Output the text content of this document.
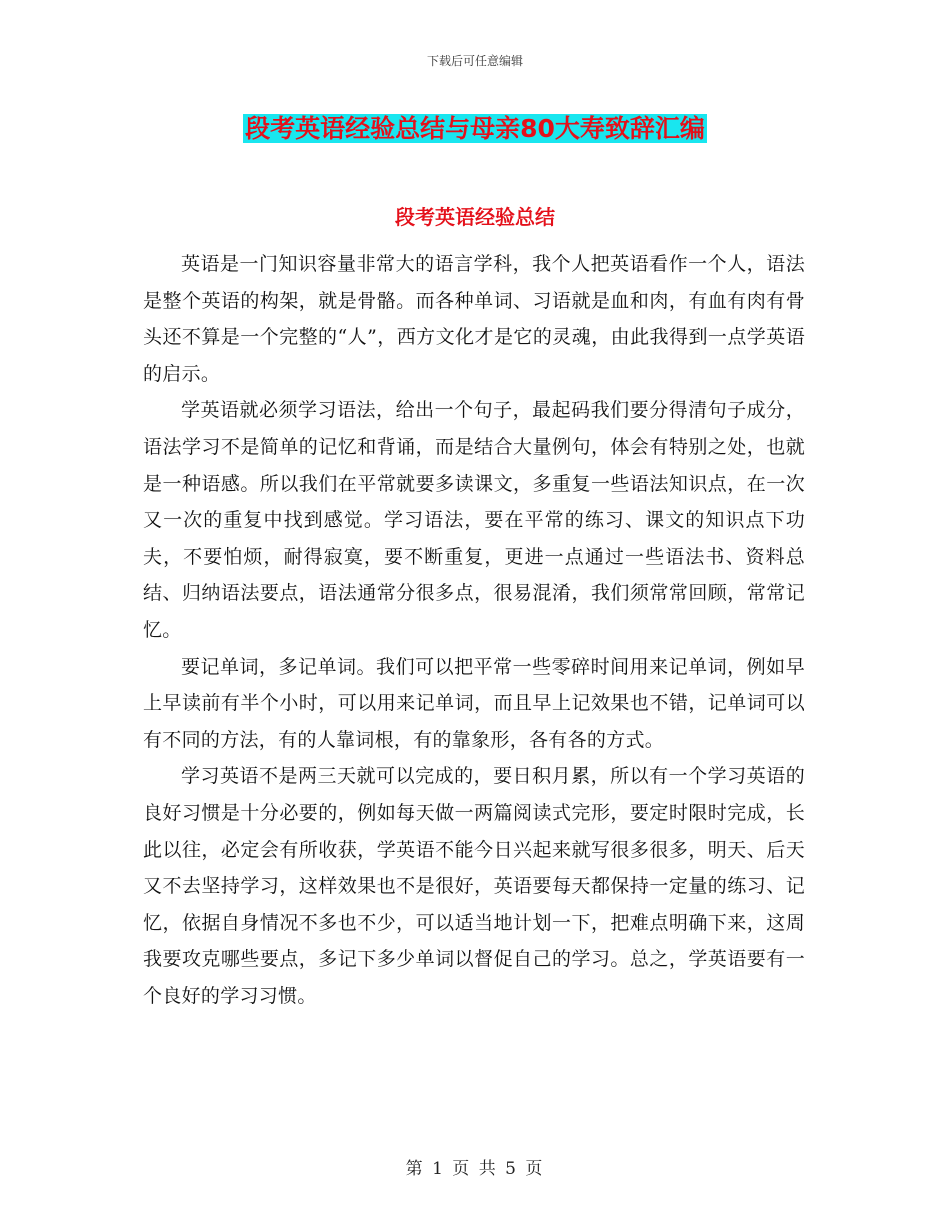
下载后可任意编辑
段考英语经验总结与母亲80大寿致辞汇编
段考英语经验总结

英语是一门知识容量非常大的语言学科，我个人把英语看作一个人，语法是整个英语的构架，就是骨骼。而各种单词、习语就是血和肉，有血有肉有骨头还不算是一个完整的“人”，西方文化才是它的灵魂，由此我得到一点学英语的启示。

学英语就必须学习语法，给出一个句子，最起码我们要分得清句子成分，语法学习不是简单的记忆和背诵，而是结合大量例句，体会有特别之处，也就是一种语感。所以我们在平常就要多读课文，多重复一些语法知识点，在一次又一次的重复中找到感觉。学习语法，要在平常的练习、课文的知识点下功夫，不要怕烦，耐得寂寞，要不断重复，更进一点通过一些语法书、资料总结、归纳语法要点，语法通常分很多点，很易混淆，我们须常常回顾，常常记忆。

要记单词，多记单词。我们可以把平常一些零碎时间用来记单词，例如早上早读前有半个小时，可以用来记单词，而且早上记效果也不错，记单词可以有不同的方法，有的人靠词根，有的靠象形，各有各的方式。

学习英语不是两三天就可以完成的，要日积月累，所以有一个学习英语的良好习惯是十分必要的，例如每天做一两篇阅读式完形，要定时限时完成，长此以往，必定会有所收获，学英语不能今日兴起来就写很多很多，明天、后天又不去坚持学习，这样效果也不是很好，英语要每天都保持一定量的练习、记忆，依据自身情况不多也不少，可以适当地计划一下，把难点明确下来，这周我要攻克哪些要点，多记下多少单词以督促自己的学习。总之，学英语要有一个良好的学习习惯。

第 1 页 共 5 页
